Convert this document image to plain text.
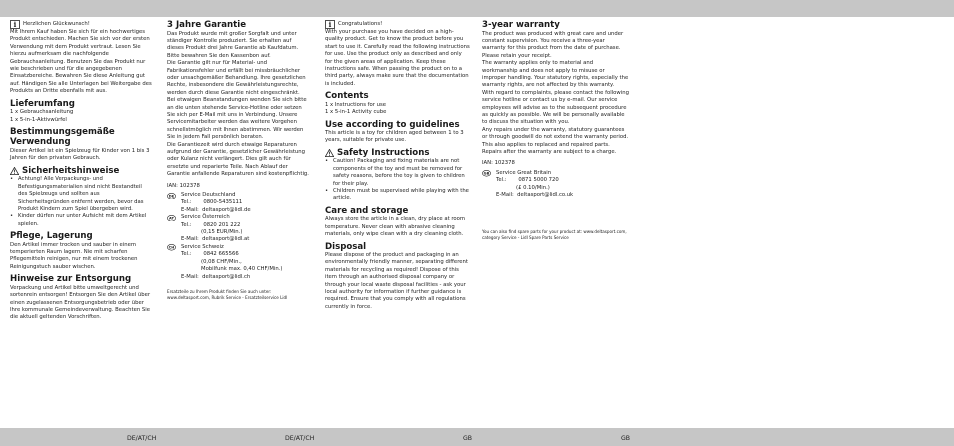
i Herzlichen Glückwunsch!

Mit Ihrem Kauf haben Sie sich für ein hochwertiges Produkt entschieden. Machen Sie sich vor der ersten Verwendung mit dem Produkt vertraut. Lesen Sie hierzu aufmerksam die nachfolgende Gebrauchsanleitung. Benutzen Sie das Produkt nur wie beschrieben und für die angegebenen Einsatzbereiche. Bewahren Sie diese Anleitung gut auf. Händigen Sie alle Unterlagen bei Weitergabe des Produkts an Dritte ebenfalls mit aus.

Lieferumfang

1 x Gebrauchsanleitung

1 x 5-in-1-Aktivwürfel

Bestimmungsgemäße Verwendung

Dieser Artikel ist ein Spielzeug für Kinder von 1 bis 3 Jahren für den privaten Gebrauch.

Sicherheitshinweise
• Achtung! Alle Verpackungs- und Befestigungsmaterialien sind nicht Bestandteil des Spielzeugs und sollten aus Sicherheitsgründen entfernt werden, bevor das Produkt Kindern zum Spiel übergeben wird.
• Kinder dürfen nur unter Aufsicht mit dem Artikel spielen.
Pflege, Lagerung

Den Artikel immer trocken und sauber in einem temperierten Raum lagern. Nie mit scharfen Pflegemitteln reinigen, nur mit einem trockenen Reinigungstuch sauber wischen.

Hinweise zur Entsorgung

Verpackung und Artikel bitte umweltgerecht und sortenrein entsorgen! Entsorgen Sie den Artikel über einen zugelassenen Entsorgungsbetrieb oder über Ihre kommunale Gemeindeverwaltung. Beachten Sie die aktuell geltenden Vorschriften.

3 Jahre Garantie

Das Produkt wurde mit großer Sorgfalt und unter ständiger Kontrolle produziert. Sie erhalten auf dieses Produkt drei Jahre Garantie ab Kaufdatum. Bitte bewahren Sie den Kassenbon auf.

Die Garantie gilt nur für Material- und Fabrikationsfehler und erfällt bei missbräuchlicher oder unsachgemäßer Behandlung. Ihre gesetzlichen Rechte, insbesondere die Gewährleistungsrechte, werden durch diese Garantie nicht eingeschränkt.

Bei etwaigen Beanstandungen wenden Sie sich bitte an die unten stehende Service-Hotline oder setzen Sie sich per E-Mail mit uns in Verbindung. Unsere Servicemitarbeiter werden das weitere Vorgehen schnellstmöglich mit Ihnen abstimmen. Wir werden Sie in jedem Fall persönlich beraten.

Die Garantiezeit wird durch etwaige Reparaturen aufgrund der Garantie, gesetzlicher Gewährleistung oder Kulanz nicht verlängert. Dies gilt auch für ersetzte und reparierte Teile. Nach Ablauf der Garantie anfallende Reparaturen sind kostenpflichtig.

IAN: 102378

DE Service Deutschland

Tel.:       0800-5435111

E-Mail:  deltasport@lidl.de

AT Service Österreich

Tel.:       0820 201 222

(0,15 EUR/Min.)

E-Mail:  deltasport@lidl.at

CH Service Schweiz

Tel.:       0842 665566

(0,08 CHF/Min.,

Mobilfunk max. 0,40 CHF/Min.)

E-Mail:  deltasport@lidl.ch

Ersatzteile zu Ihrem Produkt finden Sie auch unter: www.deltasport.com, Rubrik Service - Ersatzteilservice Lidl

i Congratulations!

With your purchase you have decided on a high-quality product. Get to know the product before you start to use it. Carefully read the following instructions for use. Use the product only as described and only for the given areas of application. Keep these instructions safe. When passing the product on to a third party, always make sure that the documentation is included.

Contents

1 x Instructions for use

1 x 5-in-1 Activity cube

Use according to guidelines

This article is a toy for children aged between 1 to 3 years, suitable for private use.

Safety Instructions
• Caution! Packaging and fixing materials are not components of the toy and must be removed for safety reasons, before the toy is given to children for their play.
• Children must be supervised while playing with the article.
Care and storage

Always store the article in a clean, dry place at room temperature. Never clean with abrasive cleaning materials, only wipe clean with a dry cleaning cloth.

Disposal

Please dispose of the product and packaging in an environmentally friendly manner, separating different materials for recycling as required! Dispose of this item through an authorised disposal company or through your local waste disposal facilities - ask your local authority for information if further guidance is required. Ensure that you comply with all regulations currently in force.

3-year warranty

The product was produced with great care and under constant supervision. You receive a three-year warranty for this product from the date of purchase. Please retain your receipt.

The warranty applies only to material and workmanship and does not apply to misuse or improper handling. Your statutory rights, especially the warranty rights, are not affected by this warranty.

With regard to complaints, please contact the following service hotline or contact us by e-mail. Our service employees will advise as to the subsequent procedure as quickly as possible. We will be personally available to discuss the situation with you.

Any repairs under the warranty, statutory guarantees or through goodwill do not extend the warranty period. This also applies to replaced and repaired parts. Repairs after the warranty are subject to a charge.

IAN: 102378

GB Service Great Britain

Tel.:       0871 5000 720

(£ 0.10/Min.)

E-Mail:  deltasport@lidl.co.uk

You can also find spare parts for your product at: www.deltasport.com, category Service - Lidl Spare Parts Service

DE/AT/CH	DE/AT/CH	GB	GB
